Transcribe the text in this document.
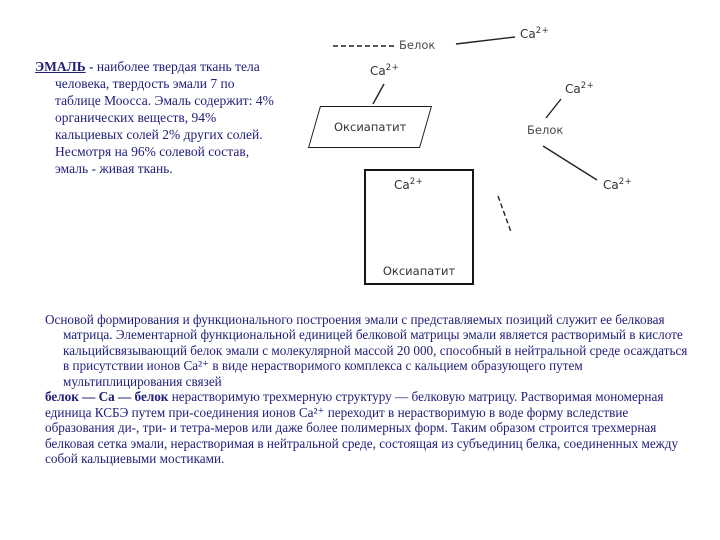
ЭМАЛЬ - наиболее твердая ткань тела человека, твердость эмали 7 по таблице Моосса. Эмаль содержит: 4% органических веществ, 94% кальциевых солей 2% других солей. Несмотря на 96% солевой состав, эмаль - живая ткань.
Белок
$Са^{2+}$
$Са^{2+}$
$Са^{2+}$
Белок
$Са^{2+}$
Оксиапатит
$Са^{2+}$
Оксиапатит

Основой формирования и функционального построения эмали с представляемых позиций служит ее белковая матрица. Элементарной функциональной единицей белковой матрицы эмали является растворимый в кислоте кальцийсвязывающий белок эмали с молекулярной массой 20 000, способный в нейтральной среде осаждаться в присутствии ионов Са²⁺ в виде нерастворимого комплекса с кальцием образующего путем мультиплицирования связей

белок — Са — белок нерастворимую трехмерную структуру — белковую матрицу. Растворимая мономерная единица КСБЭ путем при-соединения ионов Са²⁺ переходит в нерастворимую в воде форму вследствие образования ди-, три- и тетра-меров или даже более полимерных форм. Таким образом строится трехмерная белковая сетка эмали, нерастворимая в нейтральной среде, состоящая из субъединиц белка, соединенных между собой кальциевыми мостиками.
